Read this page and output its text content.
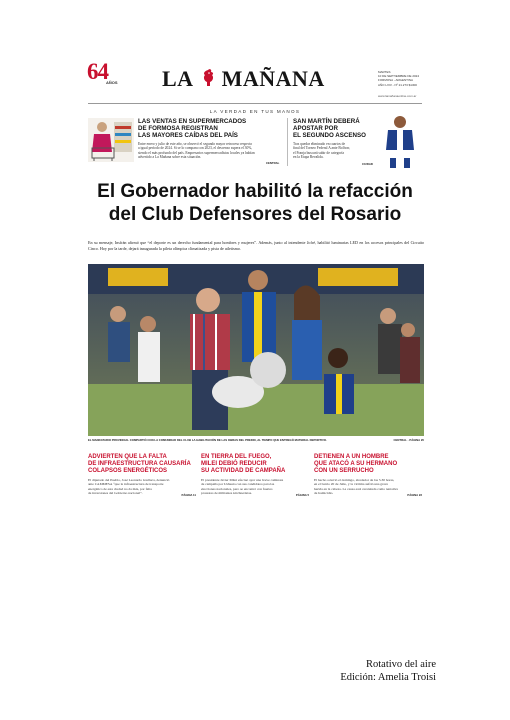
64
AÑOS LA MAÑANA	MARTES
10 DE SEPTIEMBRE DE 2024
FORMOSA - ARGENTINA
AÑO LXIV - Nº 21.273 $1300
www.lamañanaonline.com.ar
LA VERDAD EN TUS MANOS
LAS VENTAS EN SUPERMERCADOS
DE FORMOSA REGISTRAN
LAS MAYORES CAÍDAS DEL PAÍS
Entre enero y julio de este año, se observó el segundo mayor retroceso respecto
a igual período de 2024. Si se lo compara con 2023, el descenso supera el 30%,
siendo el más profundo del país. Empresarios supermercadistas locales ya habían
advertido a La Mañana sobre esta situación.
CENTRAL
SAN MARTÍN DEBERÁ
APOSTAR POR
EL SEGUNDO ASCENSO
Tras quedar eliminado en cuartos de
final del Torneo Federal A ante Bolívar,
el Franja buscará subir de categoría
en la Etapa Revalida.
CIUDAD
El Gobernador habilitó la refacción
del Club Defensores del Rosario
En su mensaje, Insfrán afirmó que “el deporte es un derecho fundamental para hombres y mujeres”. Además, junto al intendente Jofré, habilitó luminarias LED en los accesos principales del Circuito Cinco. Hoy por la tarde, dejará inaugurada la pileta olímpica climatizada y pista de atletismo.
EL MANDATARIO PROVINCIAL COMPARTIÓ CON LA COMUNIDAD DEL CLUB LA HABILITACIÓN DE LAS OBRAS DEL PREDIO, AL TIEMPO QUE ENTREGÓ MATERIAL DEPORTIVO.	CENTRAL - PÁGINA 20
ADVIERTEN QUE LA FALTA
DE INFRAESTRUCTURA CAUSARÍA
COLAPSOS ENERGÉTICOS
El diputado del Pueblo, José Leonardo Gialluca, denunció
ante CAMMESA “que la infraestructura de transporte
energético de esta ciudad no da más, por falta
de inversiones del Gobierno nacional”.	PÁGINA 11
EN TIERRA DEL FUEGO,
MILEI DEBIÓ REDUCIR
SU ACTIVIDAD DE CAMPAÑA
El presidente Javier Milei efectuó ayer una breve caminata
de campaña por Ushuaia con sus candidatos para las
elecciones nacionales, pero se encontró con fuertes
protestas de militantes kirchneristas.	PÁGINA 5
DETIENEN A UN HOMBRE
QUE ATACÓ A SU HERMANO
CON UN SERRUCHO
El hecho ocurrió el domingo, alrededor de las 5.30 horas,
en el barrio 20 de Julio, y la víctima sufrió una grave
herida en la cabeza. La causa está caratulada como tentativa
de homicidio.	PÁGINA 23
Rotativo del aire
Edición: Amelia Troisi
